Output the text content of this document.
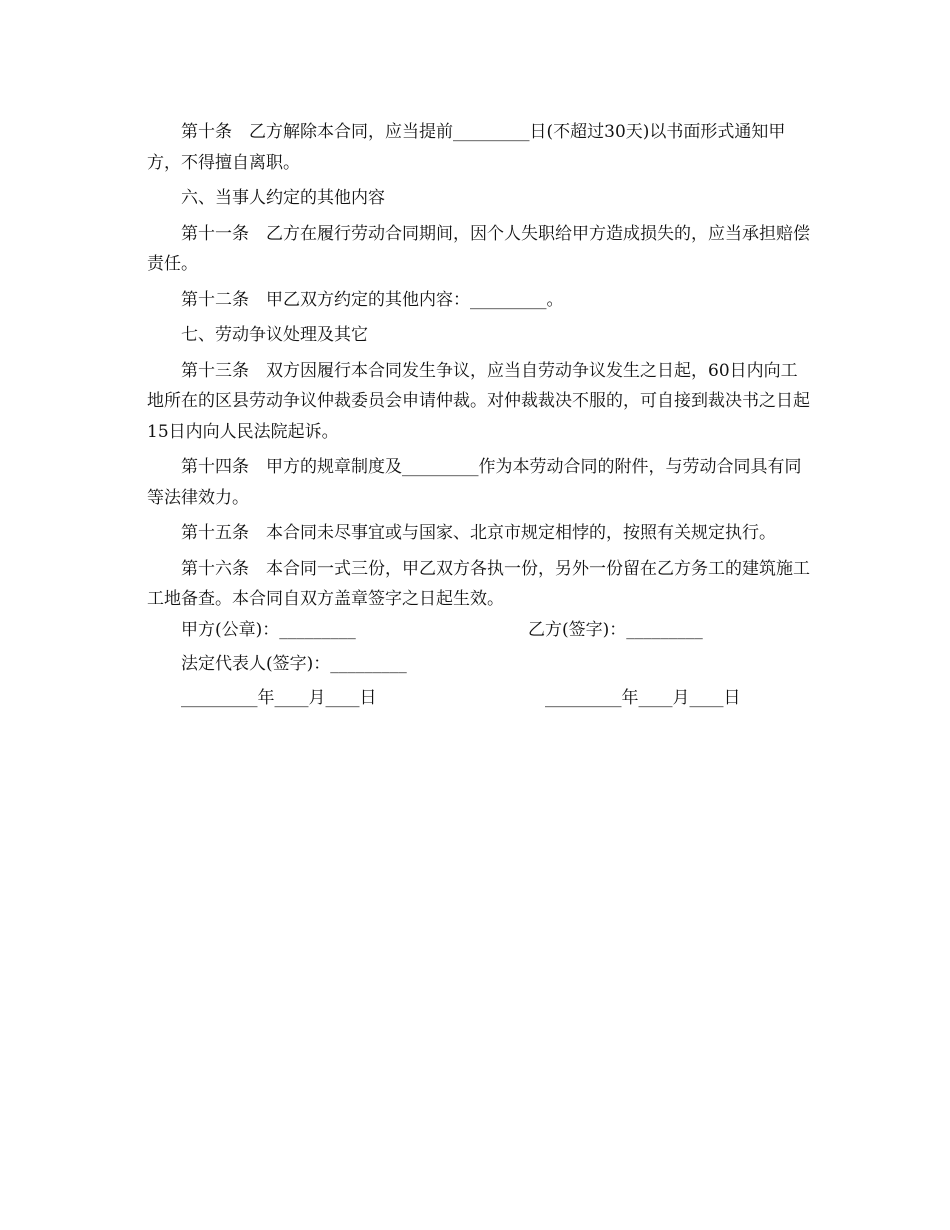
第十条　乙方解除本合同，应当提前_________日(不超过30天)以书面形式通知甲方，不得擅自离职。

六、当事人约定的其他内容

第十一条　乙方在履行劳动合同期间，因个人失职给甲方造成损失的，应当承担赔偿责任。

第十二条　甲乙双方约定的其他内容：_________。

七、劳动争议处理及其它

第十三条　双方因履行本合同发生争议，应当自劳动争议发生之日起，60日内向工地所在的区县劳动争议仲裁委员会申请仲裁。对仲裁裁决不服的，可自接到裁决书之日起15日内向人民法院起诉。

第十四条　甲方的规章制度及_________作为本劳动合同的附件，与劳动合同具有同等法律效力。

第十五条　本合同未尽事宜或与国家、北京市规定相悖的，按照有关规定执行。

第十六条　本合同一式三份，甲乙双方各执一份，另外一份留在乙方务工的建筑施工工地备查。本合同自双方盖章签字之日起生效。

甲方(公章)：_________

	乙方(签字)：_________

法定代表人(签字)：_________

_________年____月____日

	_________年____月____日
